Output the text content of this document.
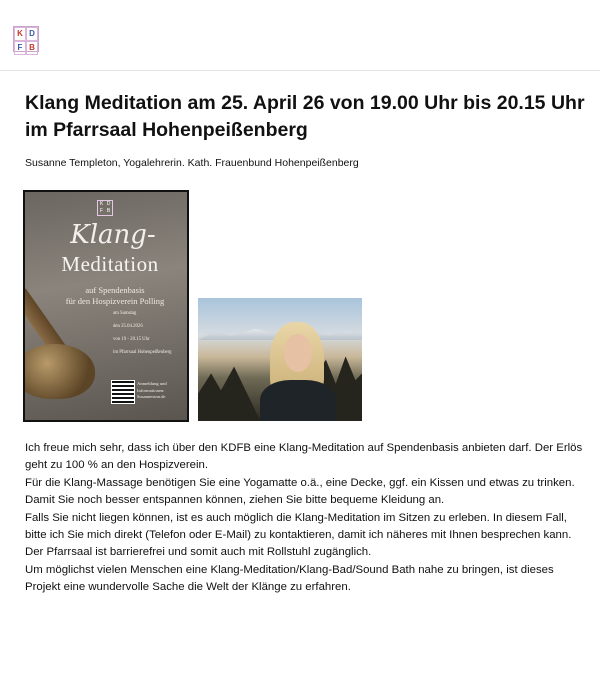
K D
F B
Klang Meditation am 25. April 26 von 19.00 Uhr bis 20.15 Uhr im Pfarrsaal Hohenpeißenberg

Susanne Templeton, Yogalehrerin. Kath. Frauenbund Hohenpeißenberg

K D
F B
Klang-
Meditation
auf Spendenbasis
für den Hospizverein Polling
am Samstag
den 25.04.2026
von 19 - 20.15 Uhr
im Pfarrsaal Hohenpeißenberg
Anmeldung und Informationen:
Susannesinn.de

Ich freue mich sehr, dass ich über den KDFB eine Klang-Meditation auf Spendenbasis anbieten darf. Der Erlös geht zu 100 % an den Hospizverein.

Für die Klang-Massage benötigen Sie eine Yogamatte o.ä., eine Decke, ggf. ein Kissen und etwas zu trinken.

Damit Sie noch besser entspannen können, ziehen Sie bitte bequeme Kleidung an.

Falls Sie nicht liegen können, ist es auch möglich die Klang-Meditation im Sitzen zu erleben. In diesem Fall, bitte ich Sie mich direkt (Telefon oder E-Mail) zu kontaktieren, damit ich näheres mit Ihnen besprechen kann.

Der Pfarrsaal ist barrierefrei und somit auch mit Rollstuhl zugänglich.

Um möglichst vielen Menschen eine Klang-Meditation/Klang-Bad/Sound Bath nahe zu bringen, ist dieses Projekt eine wundervolle Sache die Welt der Klänge zu erfahren.
